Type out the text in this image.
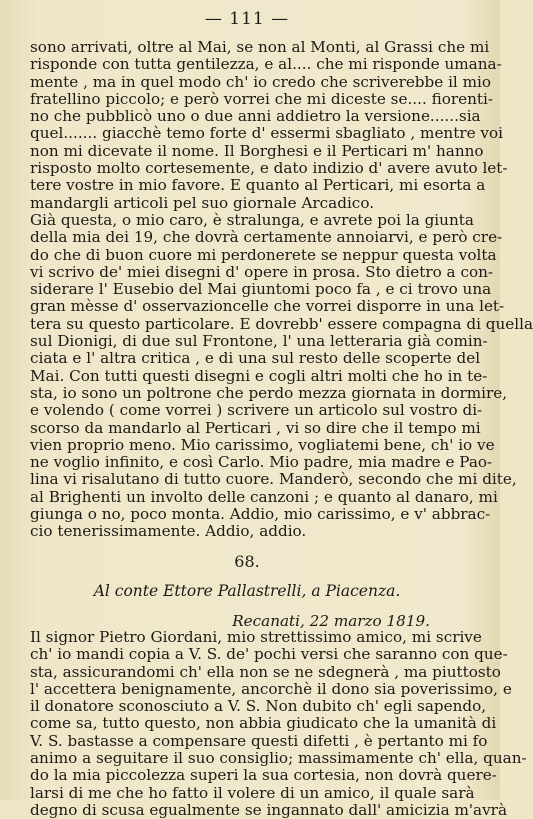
— 111 —
sono arrivati, oltre al Mai, se non al Monti, al Grassi che mi
risponde con tutta gentilezza, e al.... che mi risponde umana-
mente , ma in quel modo ch' io credo che scriverebbe il mio
fratellino piccolo; e però vorrei che mi diceste se.... fiorenti-
no che pubblicò uno o due anni addietro la versione......sia
quel....... giacchè temo forte d' essermi sbagliato , mentre voi
non mi dicevate il nome. Il Borghesi e il Perticari m' hanno
risposto molto cortesemente, e dato indizio d' avere avuto let-
tere vostre in mio favore. E quanto al Perticari, mi esorta a
mandargli articoli pel suo giornale Arcadico.
Già questa, o mio caro, è stralunga, e avrete poi la giunta
della mia dei 19, che dovrà certamente annoiarvi, e però cre-
do che di buon cuore mi perdonerete se neppur questa volta
vi scrivo de' miei disegni d' opere in prosa. Sto dietro a con-
siderare l' Eusebio del Mai giuntomi poco fa , e ci trovo una
gran mèsse d' osservazioncelle che vorrei disporre in una let-
tera su questo particolare. E dovrebb' essere compagna di quella
sul Dionigi, di due sul Frontone, l' una letteraria già comin-
ciata e l' altra critica , e di una sul resto delle scoperte del
Mai. Con tutti questi disegni e cogli altri molti che ho in te-
sta, io sono un poltrone che perdo mezza giornata in dormire,
e volendo ( come vorrei ) scrivere un articolo sul vostro di-
scorso da mandarlo al Perticari , vi so dire che il tempo mi
vien proprio meno. Mio carissimo, vogliatemi bene, ch' io ve
ne voglio infinito, e così Carlo. Mio padre, mia madre e Pao-
lina vi risalutano di tutto cuore. Manderò, secondo che mi dite,
al Brighenti un involto delle canzoni ; e quanto al danaro, mi
giunga o no, poco monta. Addio, mio carissimo, e v' abbrac-
cio tenerissimamente. Addio, addio.
68.
Al conte Ettore Pallastrelli, a Piacenza.
Recanati, 22 marzo 1819.
Il signor Pietro Giordani, mio strettissimo amico, mi scrive
ch' io mandi copia a V. S. de' pochi versi che saranno con que-
sta, assicurandomi ch' ella non se ne sdegnerà , ma piuttosto
l' accettera benignamente, ancorchè il dono sia poverissimo, e
il donatore sconosciuto a V. S. Non dubito ch' egli sapendo,
come sa, tutto questo, non abbia giudicato che la umanità di
V. S. bastasse a compensare questi difetti , è pertanto mi fo
animo a seguitare il suo consiglio; massimamente ch' ella, quan-
do la mia piccolezza superi la sua cortesia, non dovrà quere-
larsi di me che ho fatto il volere di un amico, il quale sarà
degno di scusa egualmente se ingannato dall' amicizia m'avrà
